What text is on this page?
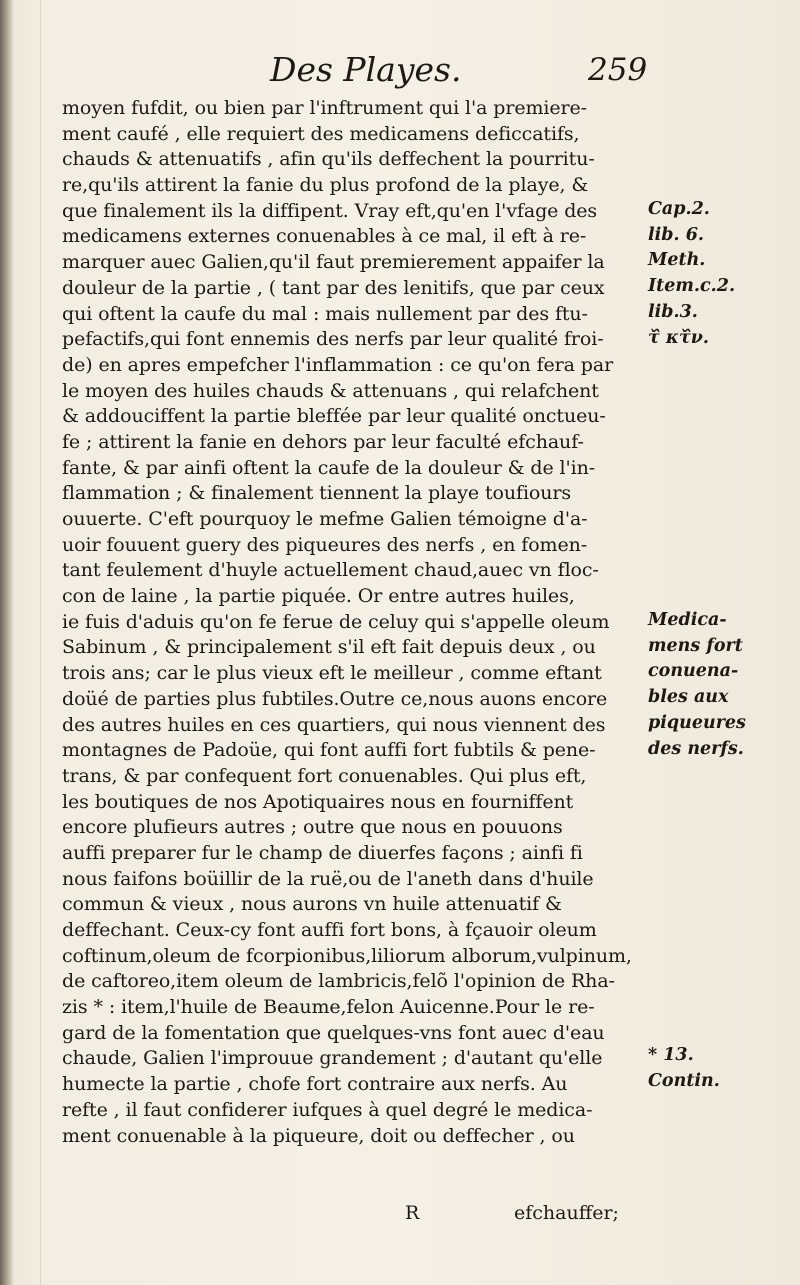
Des Playes.	259
moyen fufdit, ou bien par l'inftrument qui l'a premiere-
ment caufé , elle requiert des medicamens deficcatifs,
chauds & attenuatifs , afin qu'ils deffechent la pourritu-
re,qu'ils attirent la fanie du plus profond de la playe, &
que finalement ils la diffipent. Vray eft,qu'en l'vfage des
medicamens externes conuenables à ce mal, il eft à re-
marquer auec Galien,qu'il faut premierement appaifer la
douleur de la partie , ( tant par des lenitifs, que par ceux
qui oftent la caufe du mal : mais nullement par des ftu-
pefactifs,qui font ennemis des nerfs par leur qualité froi-
de) en apres empefcher l'inflammation : ce qu'on fera par
le moyen des huiles chauds & attenuans , qui relafchent
& addouciffent la partie bleffée par leur qualité onctueu-
fe ; attirent la fanie en dehors par leur faculté efchauf-
fante, & par ainfi oftent la caufe de la douleur & de l'in-
flammation ; & finalement tiennent la playe toufiours
ouuerte. C'eft pourquoy le mefme Galien témoigne d'a-
uoir fouuent guery des piqueures des nerfs , en fomen-
tant feulement d'huyle actuellement chaud,auec vn floc-
con de laine , la partie piquée. Or entre autres huiles,
ie fuis d'aduis qu'on fe ferue de celuy qui s'appelle oleum
Sabinum , & principalement s'il eft fait depuis deux , ou
trois ans; car le plus vieux eft le meilleur , comme eftant
doüé de parties plus fubtiles.Outre ce,nous auons encore
des autres huiles en ces quartiers, qui nous viennent des
montagnes de Padoüe, qui font auffi fort fubtils & pene-
trans, & par confequent fort conuenables. Qui plus eft,
les boutiques de nos Apotiquaires nous en fourniffent
encore plufieurs autres ; outre que nous en pouuons
auffi preparer fur le champ de diuerfes façons ; ainfi fi
nous faifons boüillir de la ruë,ou de l'aneth dans d'huile
commun & vieux , nous aurons vn huile attenuatif &
deffechant. Ceux-cy font auffi fort bons, à fçauoir oleum
coftinum,oleum de fcorpionibus,liliorum alborum,vulpinum,
de caftoreo,item oleum de lambricis,felõ l'opinion de Rha-
zis * : item,l'huile de Beaume,felon Auicenne.Pour le re-
gard de la fomentation que quelques-vns font auec d'eau
chaude, Galien l'improuue grandement ; d'autant qu'elle
humecte la partie , chofe fort contraire aux nerfs. Au
refte , il faut confiderer iufques à quel degré le medica-
ment conuenable à la piqueure, doit ou deffecher , ou
Cap.2.
lib. 6.
Meth.
Item.c.2.
lib.3.
τ᷈ κτ᷈ν.
Medica-
mens fort
conuena-
bles aux
piqueures
des nerfs.
* 13.
Contin.
R	efchauffer;
